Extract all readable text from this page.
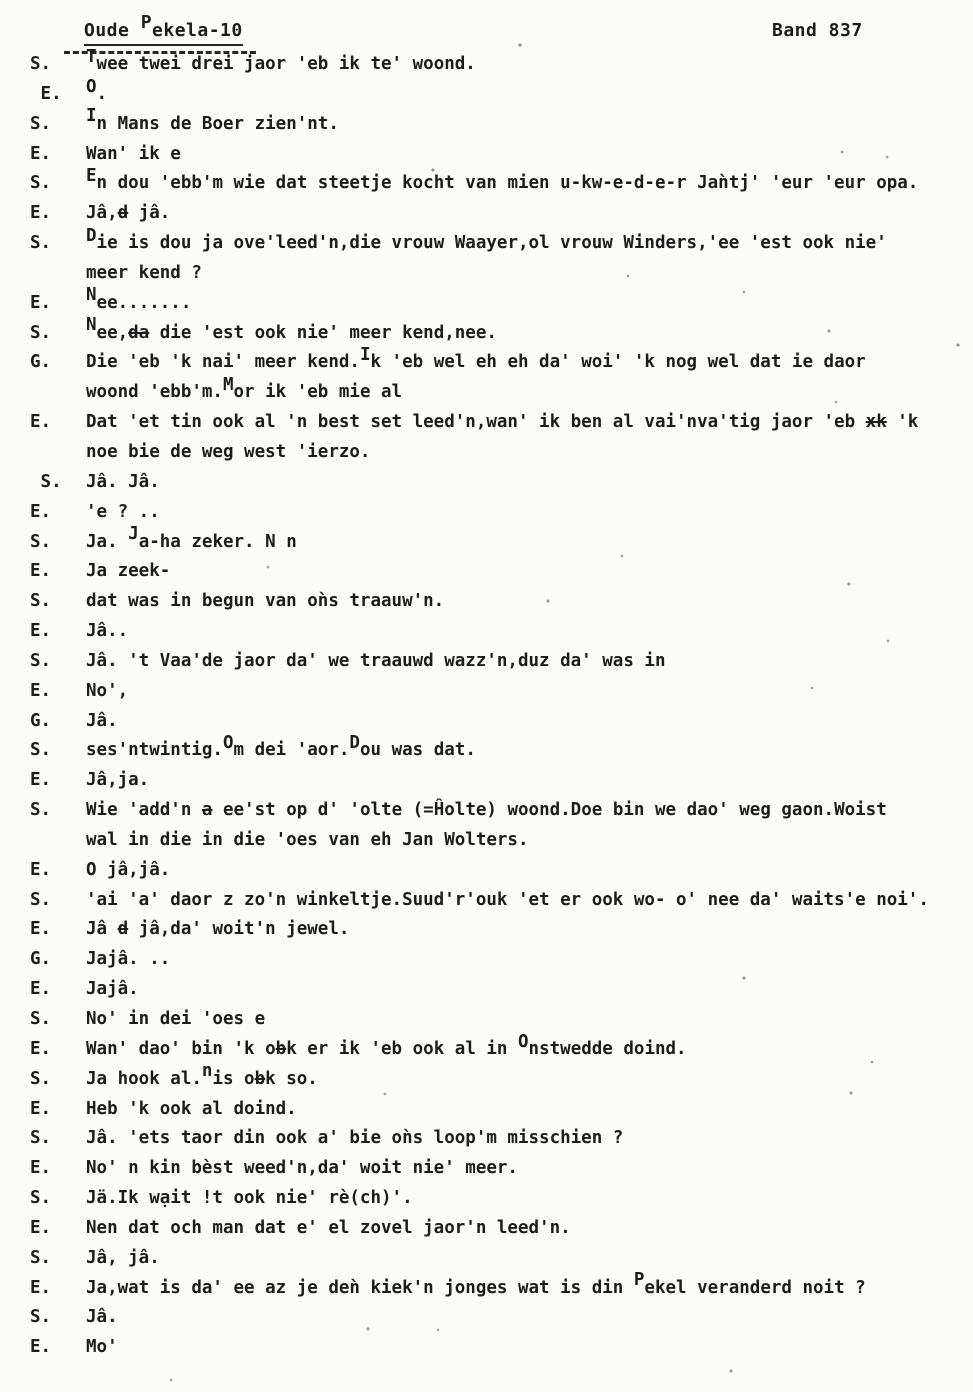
Oude Pekela-10	Band 837
S.	Twee twei drei jaor 'eb ik te' woond.
E.	O.
S.	In Mans de Boer zien'nt.
E.	Wan' ik e
S.	En dou 'ebb'm wie dat steetje kocht van mien u-kw-e-d-e-r Jaǹtj' 'eur 'eur opa.
E.	Jâ,d jâ.
S.	Die is dou ja ove'leed'n,die vrouw Waayer,ol vrouw Winders,'ee 'est ook nie'
meer kend ?
E.	Nee.......
S.	Nee,da die 'est ook nie' meer kend,nee.
G.	Die 'eb 'k nai' meer kend.Ik 'eb wel eh eh da' woi' 'k nog wel dat ie daor
woond 'ebb'm.Mor ik 'eb mie al
E.	Dat 'et tin ook al 'n best set leed'n,wan' ik ben al vai'nva'tig jaor 'eb xk 'k
noe bie de weg west 'ierzo.
S.	Jâ. Jâ.
E.	'e ? ..
S.	Ja. Ja-ha zeker. N n
E.	Ja zeek-
S.	dat was in begun van oǹs traauw'n.
E.	Jâ..
S.	Jâ. 't Vaa'de jaor da' we traauwd wazz'n,duz da' was in
E.	No',
G.	Jâ.
S.	ses'ntwintig.Om dei 'aor.Dou was dat.
E.	Jâ,ja.
S.	Wie 'add'n a ee'st op d' 'olte (=Ĥolte) woond.Doe bin we dao' weg gaon.Woist
wal in die in die 'oes van eh Jan Wolters.
E.	O jâ,jâ.
S.	'ai 'a' daor z zo'n winkeltje.Suud'r'ouk 'et er ook wo- o' nee da' waits'e noi'.
E.	Jâ d jâ,da' woit'n jewel.
G.	Jajâ. ..
E.	Jajâ.
S.	No' in dei 'oes e
E.	Wan' dao' bin 'k obk er ik 'eb ook al in Onstwedde doind.
S.	Ja hook al.nis obk so.
E.	Heb 'k ook al doind.
S.	Jâ. 'ets taor din ook a' bie oǹs loop'm misschien ?
E.	No' n kin bèst weed'n,da' woit nie' meer.
S.	Jä.Ik wạit !t ook nie' rè(ch)'.
E.	Nen dat och man dat e' el zovel jaor'n leed'n.
S.	Jâ, jâ.
E.	Ja,wat is da' ee az je deǹ kiek'n jonges wat is din Pekel veranderd noit ?
S.	Jâ.
E.	Mo'
